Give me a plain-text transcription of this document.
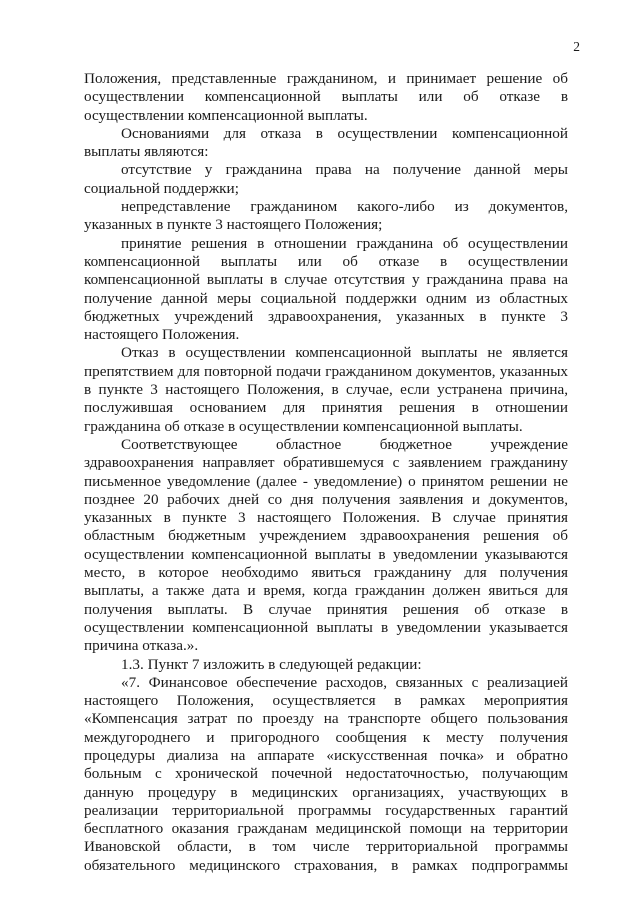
2
Положения, представленные гражданином, и принимает решение об
осуществлении компенсационной выплаты или об отказе в
осуществлении компенсационной выплаты.
Основаниями для отказа в осуществлении компенсационной
выплаты являются:
отсутствие у гражданина права на получение данной меры
социальной поддержки;
непредставление гражданином какого-либо из документов,
указанных в пункте 3 настоящего Положения;
принятие решения в отношении гражданина об осуществлении
компенсационной выплаты или об отказе в осуществлении
компенсационной выплаты в случае отсутствия у гражданина права на
получение данной меры социальной поддержки одним из областных
бюджетных учреждений здравоохранения, указанных в пункте 3
настоящего Положения.
Отказ в осуществлении компенсационной выплаты не является
препятствием для повторной подачи гражданином документов, указанных
в пункте 3 настоящего Положения, в случае, если устранена причина,
послужившая основанием для принятия решения в отношении
гражданина об отказе в осуществлении компенсационной выплаты.
Соответствующее областное бюджетное учреждение
здравоохранения направляет обратившемуся с заявлением гражданину
письменное уведомление (далее - уведомление) о принятом решении не
позднее 20 рабочих дней со дня получения заявления и документов,
указанных в пункте 3 настоящего Положения. В случае принятия
областным бюджетным учреждением здравоохранения решения об
осуществлении компенсационной выплаты в уведомлении указываются
место, в которое необходимо явиться гражданину для получения
выплаты, а также дата и время, когда гражданин должен явиться для
получения выплаты. В случае принятия решения об отказе в
осуществлении компенсационной выплаты в уведомлении указывается
причина отказа.».
1.3. Пункт 7 изложить в следующей редакции:
«7. Финансовое обеспечение расходов, связанных с реализацией
настоящего Положения, осуществляется в рамках мероприятия
«Компенсация затрат по проезду на транспорте общего пользования
междугороднего и пригородного сообщения к месту получения
процедуры диализа на аппарате «искусственная почка» и обратно
больным с хронической почечной недостаточностью, получающим
данную процедуру в медицинских организациях, участвующих в
реализации территориальной программы государственных гарантий
бесплатного оказания гражданам медицинской помощи на территории
Ивановской области, в том числе территориальной программы
обязательного медицинского страхования, в рамках подпрограммы
